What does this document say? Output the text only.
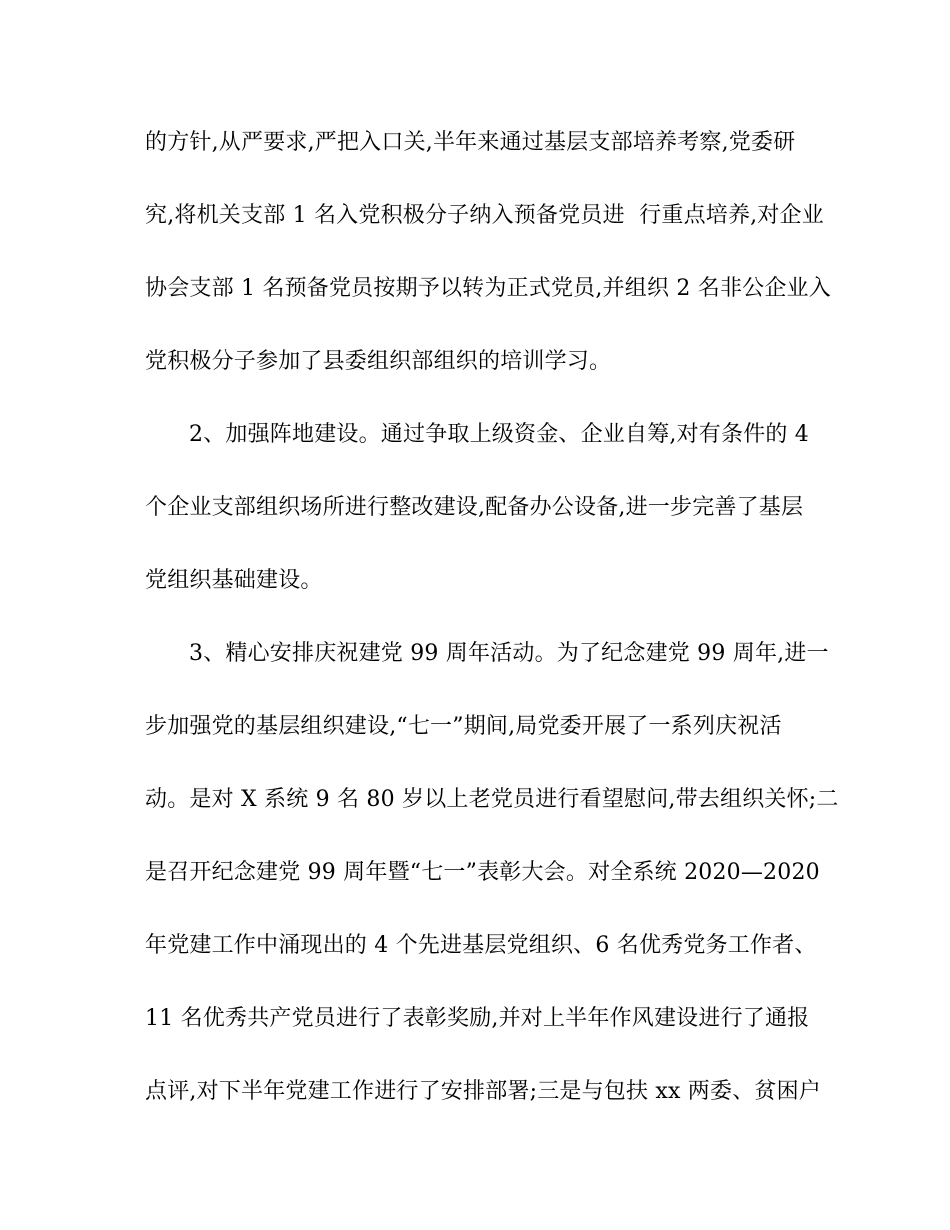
的方针,从严要求,严把入口关,半年来通过基层支部培养考察,党委研
究,将机关支部 1 名入党积极分子纳入预备党员进  行重点培养,对企业
协会支部 1 名预备党员按期予以转为正式党员,并组织 2 名非公企业入
党积极分子参加了县委组织部组织的培训学习。
2、加强阵地建设。通过争取上级资金、企业自筹,对有条件的 4
个企业支部组织场所进行整改建设,配备办公设备,进一步完善了基层
党组织基础建设。
3、精心安排庆祝建党 99 周年活动。为了纪念建党 99 周年,进一
步加强党的基层组织建设,“七一”期间,局党委开展了一系列庆祝活
动。是对 X 系统 9 名 80 岁以上老党员进行看望慰问,带去组织关怀;二
是召开纪念建党 99 周年暨“七一”表彰大会。对全系统 2020—2020
年党建工作中涌现出的 4 个先进基层党组织、6 名优秀党务工作者、
11 名优秀共产党员进行了表彰奖励,并对上半年作风建设进行了通报
点评,对下半年党建工作进行了安排部署;三是与包扶 xx 两委、贫困户
